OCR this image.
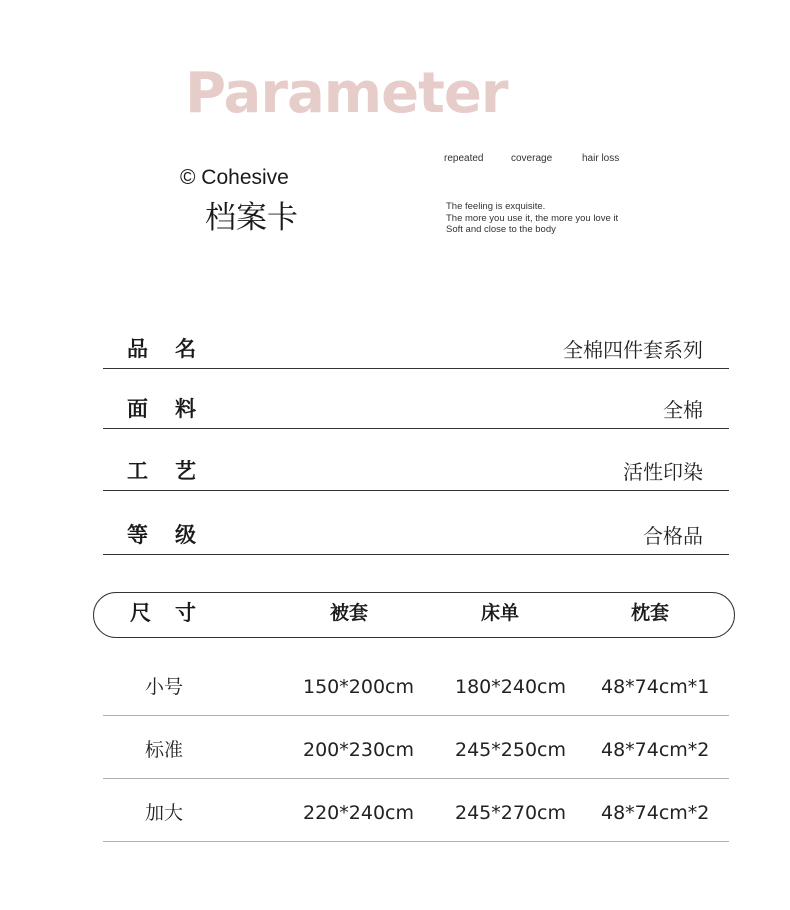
Parameter
© Cohesive
档案卡
repeated	coverage	hair loss
The feeling is exquisite.
The more you use it, the more you love it
Soft and close to the body
品名	全棉四件套系列
面料	全棉
工艺	活性印染
等级	合格品
尺寸	被套	床单	枕套
小号	150*200cm 180*240cm 48*74cm*1
标准	200*230cm 245*250cm 48*74cm*2
加大	220*240cm 245*270cm 48*74cm*2
